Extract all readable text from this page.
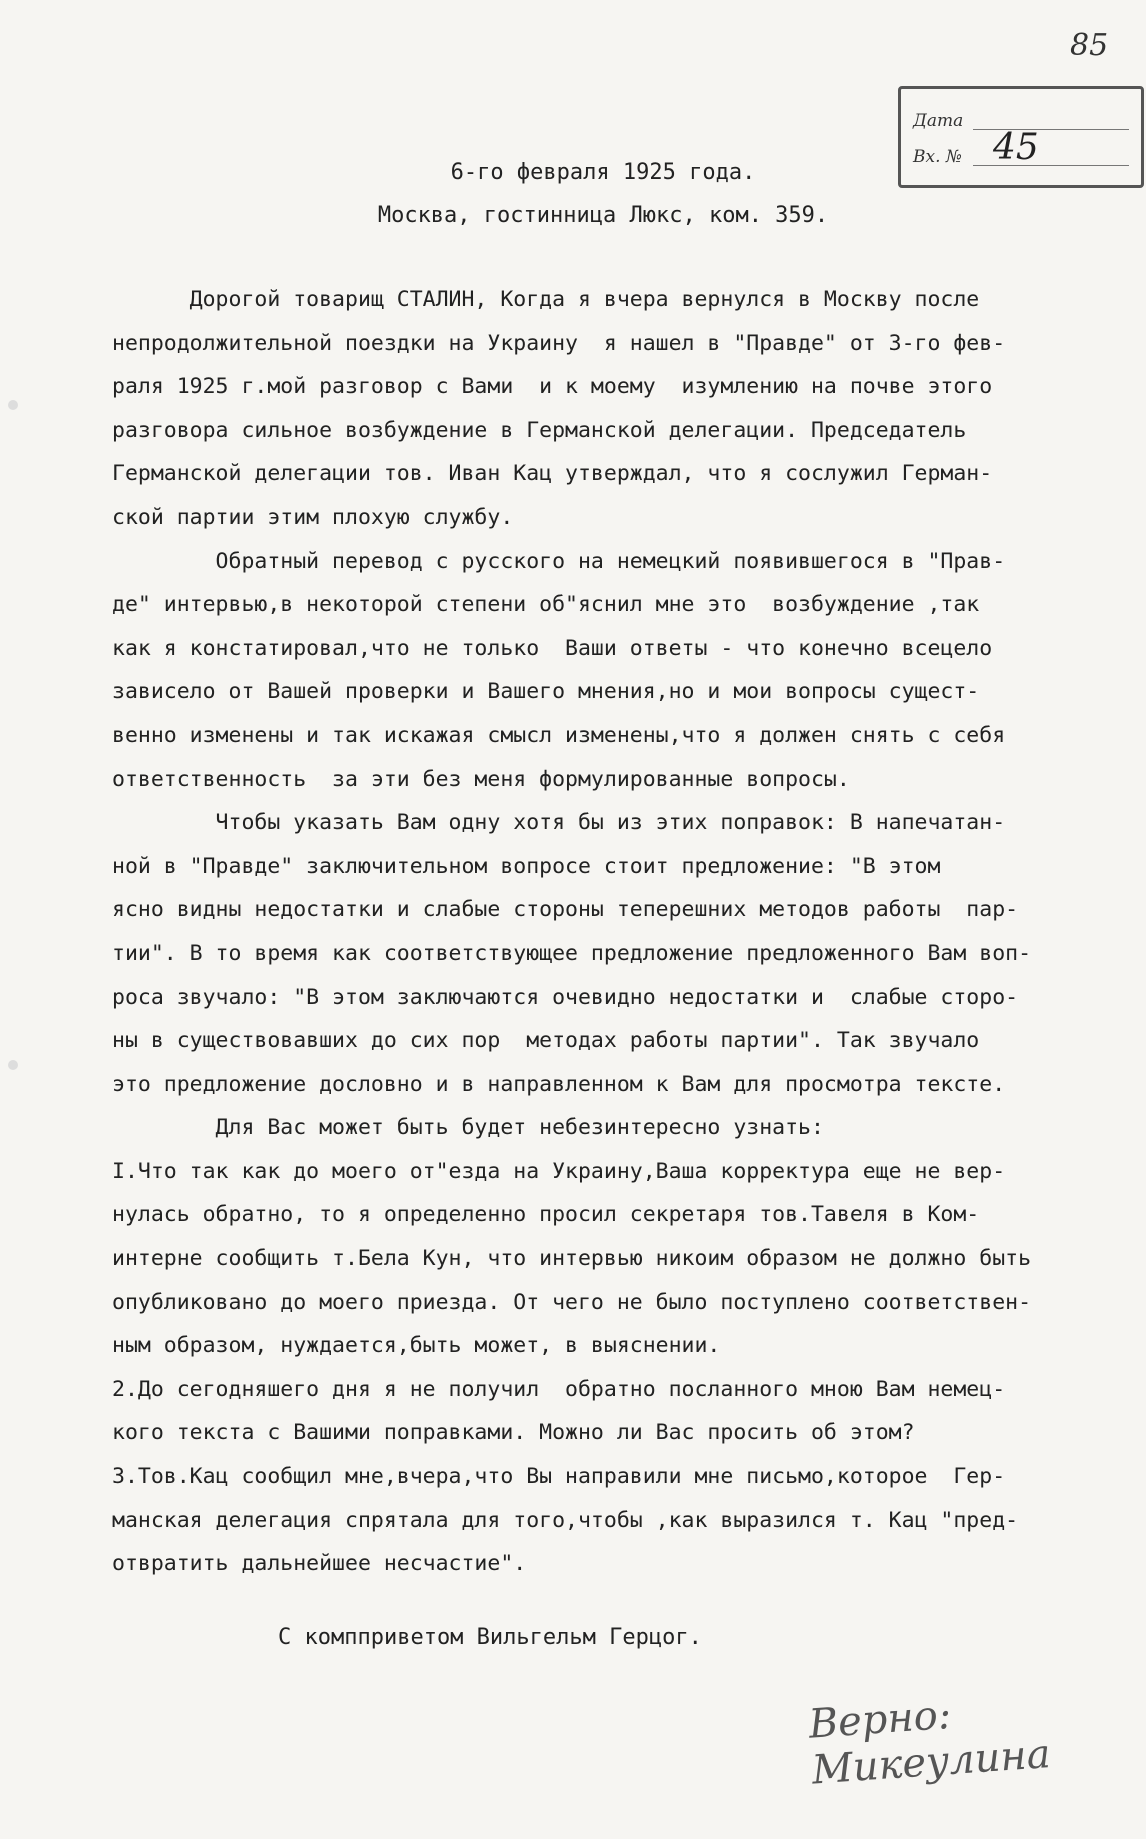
85
Дата
Вх. № 45
6-го февраля 1925 года.
Москва, гостинница Люкс, ком. 359.
Дорогой товарищ СТАЛИН, Когда я вчера вернулся в Москву после
непродолжительной поездки на Украину  я нашел в "Правде" от 3-го фев-
раля 1925 г.мой разговор с Вами  и к моему  изумлению на почве этого
разговора сильное возбуждение в Германской делегации. Председатель
Германской делегации тов. Иван Кац утверждал, что я сослужил Герман-
ской партии этим плохую службу.
Обратный перевод с русского на немецкий появившегося в "Прав-
де" интервью,в некоторой степени об"яснил мне это  возбуждение ,так
как я констатировал,что не только  Ваши ответы - что конечно всецело
зависело от Вашей проверки и Вашего мнения,но и мои вопросы сущест-
венно изменены и так искажая смысл изменены,что я должен снять с себя
ответственность  за эти без меня формулированные вопросы.
Чтобы указать Вам одну хотя бы из этих поправок: В напечатан-
ной в "Правде" заключительном вопросе стоит предложение: "В этом
ясно видны недостатки и слабые стороны теперешних методов работы  пар-
тии". В то время как соответствующее предложение предложенного Вам воп-
роса звучало: "В этом заключаются очевидно недостатки и  слабые сторо-
ны в существовавших до сих пор  методах работы партии". Так звучало
это предложение дословно и в направленном к Вам для просмотра тексте.
Для Вас может быть будет небезинтересно узнать:
I.Что так как до моего от"езда на Украину,Ваша корректура еще не вер-
нулась обратно, то я определенно просил секретаря тов.Тавеля в Ком-
интерне сообщить т.Бела Кун, что интервью никоим образом не должно быть
опубликовано до моего приезда. От чего не было поступлено соответствен-
ным образом, нуждается,быть может, в выяснении.
2.До сегодняшего дня я не получил  обратно посланного мною Вам немец-
кого текста с Вашими поправками. Можно ли Вас просить об этом?
3.Тов.Кац сообщил мне,вчера,что Вы направили мне письмо,которое  Гер-
манская делегация спрятала для того,чтобы ,как выразился т. Кац "пред-
отвратить дальнейшее несчастие".
С компприветом Вильгельм Герцог.
Верно: Микеулина
